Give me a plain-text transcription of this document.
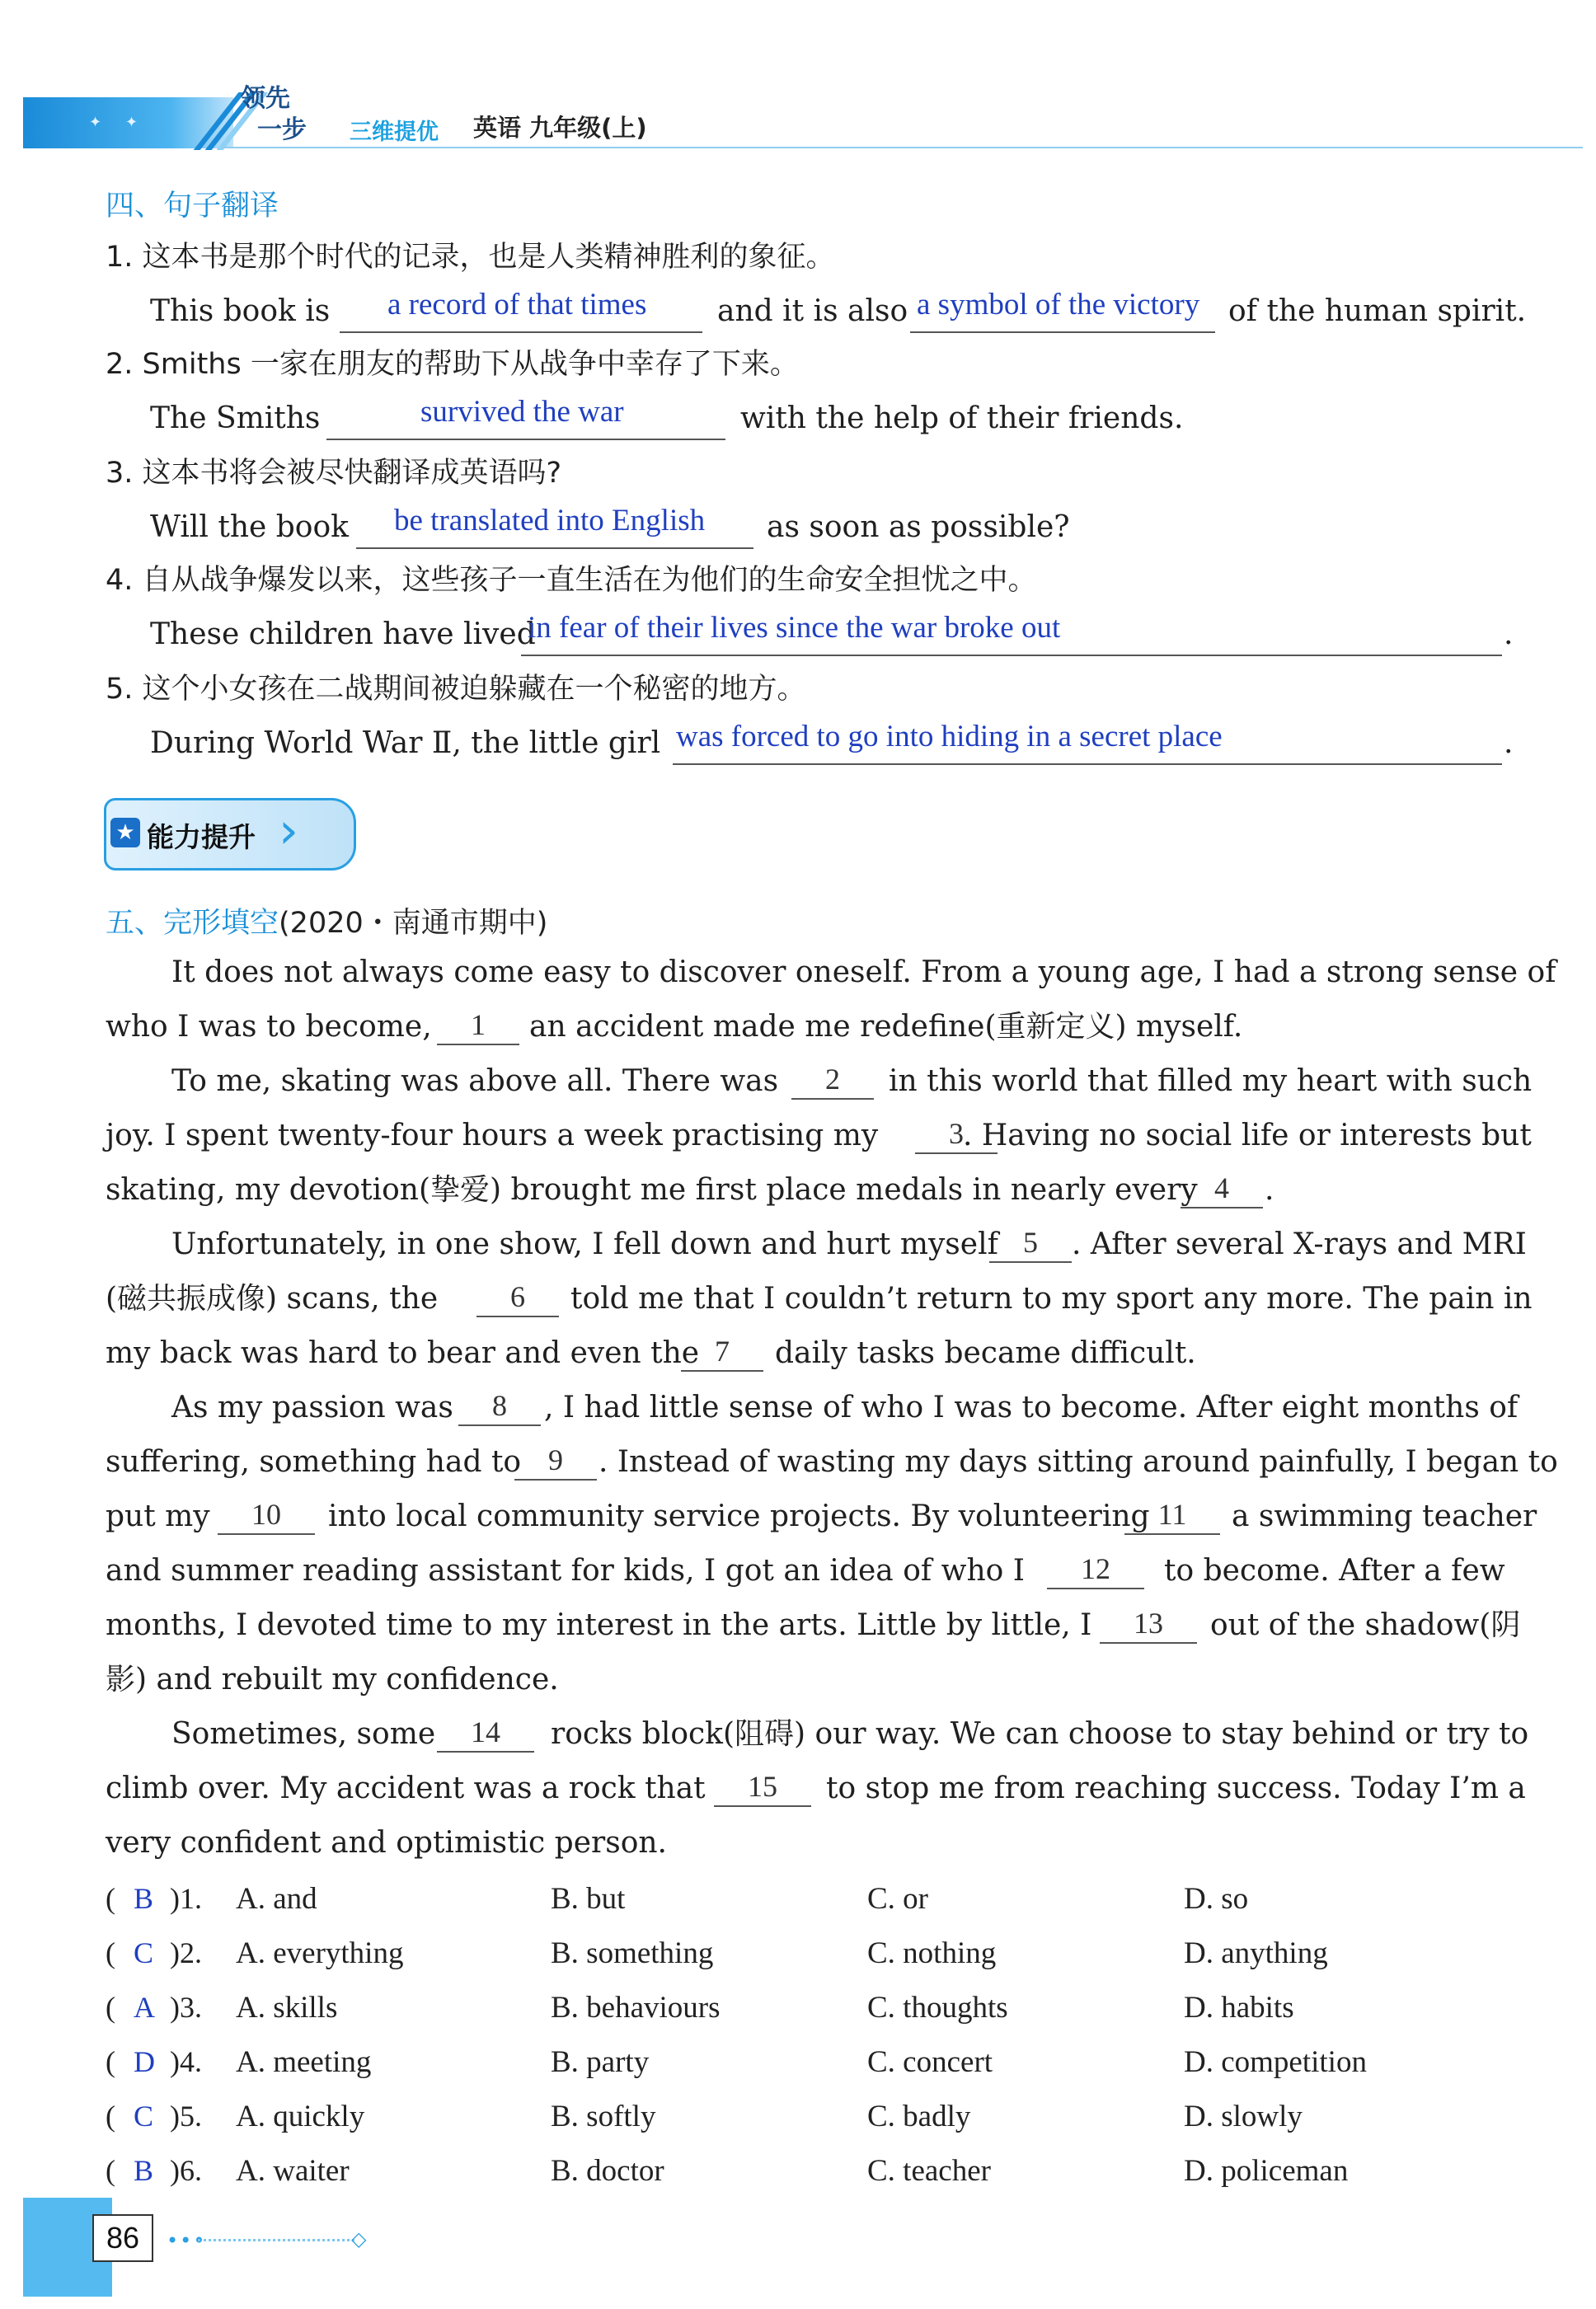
✦ ✦
领先
一步 三维提优 英语 九年级(上)
四、句子翻译
1. 这本书是那个时代的记录，也是人类精神胜利的象征。
This book is a record of that times and it is also a symbol of the victory of the human spirit.
2. Smiths 一家在朋友的帮助下从战争中幸存了下来。
The Smiths	survived the war	with the help of their friends.
3. 这本书将会被尽快翻译成英语吗?
Will the book be translated into English as soon as possible?
4. 自从战争爆发以来，这些孩子一直生活在为他们的生命安全担忧之中。
These children have lived
in fear of their lives since the war broke out	.
5. 这个小女孩在二战期间被迫躲藏在一个秘密的地方。
During World War Ⅱ, the little girl was forced to go into hiding in a secret place	.
›
★ 能力提升
五、完形填空(2020・南通市期中)
It does not always come easy to discover oneself. From a young age, I had a strong sense of
who I was to become,	1	an accident made me redefine(重新定义) myself.
To me, skating was above all. There was	2	in this world that filled my heart with such
joy. I spent twenty-four hours a week practising my	3 . Having no social life or interests but
skating, my devotion(挚爱) brought me first place medals in nearly every 4	.
Unfortunately, in one show, I fell down and hurt myself 5	. After several X-rays and MRI
(磁共振成像) scans, the	6	told me that I couldn’t return to my sport any more. The pain in
my back was hard to bear and even the 7	daily tasks became difficult.
As my passion was	8	, I had little sense of who I was to become. After eight months of
suffering, something had to 9	. Instead of wasting my days sitting around painfully, I began to
put my	10	into local community service projects. By volunteering 11	a swimming teacher
and summer reading assistant for kids, I got an idea of who I	12	to become. After a few
months, I devoted time to my interest in the arts. Little by little, I	13	out of the shadow(阴
影) and rebuilt my confidence.
Sometimes, some	14	rocks block(阻碍) our way. We can choose to stay behind or try to
climb over. My accident was a rock that	15	to stop me from reaching success. Today I’m a
very confident and optimistic person.
( B )1. A. and	B. but	C. or	D. so
( C )2. A. everything	B. something	C. nothing	D. anything
( A )3. A. skills	B. behaviours	C. thoughts	D. habits
( D )4. A. meeting	B. party	C. concert	D. competition
( C )5. A. quickly	B. softly	C. badly	D. slowly
( B )6. A. waiter	B. doctor	C. teacher	D. policeman
86	•••	◇
